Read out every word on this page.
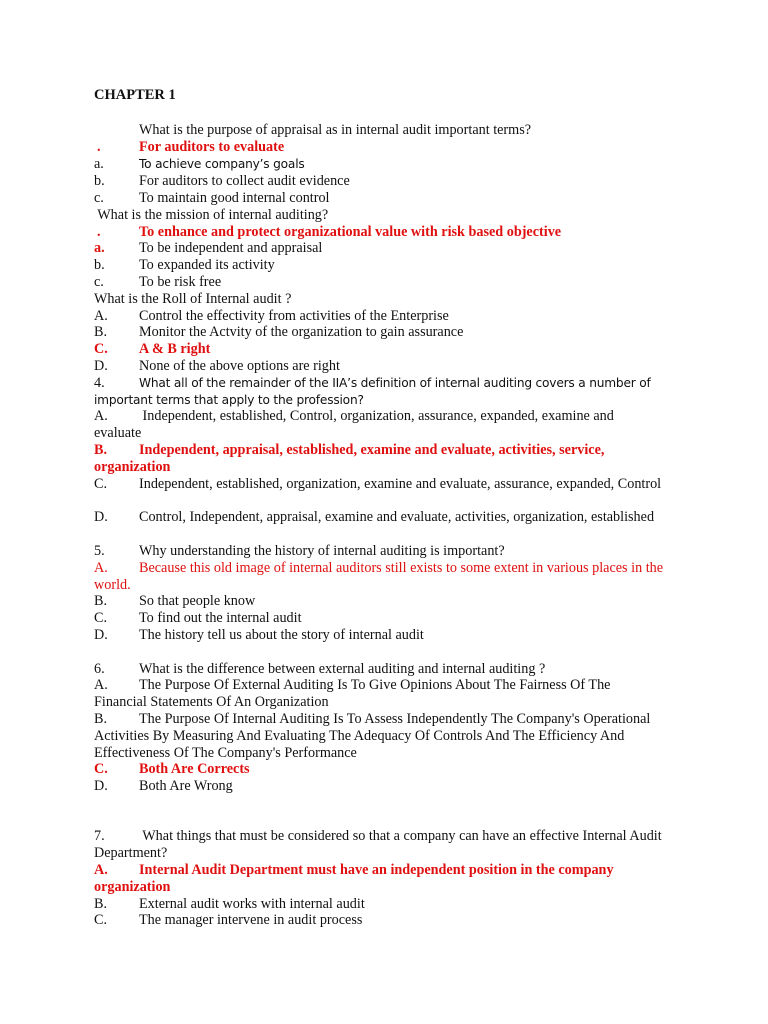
CHAPTER 1
What is the purpose of appraisal as in internal audit important terms?
.	For auditors to evaluate
a.	To achieve company’s goals
b. For auditors to collect audit evidence
c. To maintain good internal control
What is the mission of internal auditing?
.	To enhance and protect organizational value with risk based objective
a. To be independent and appraisal
b. To expanded its activity
c. To be risk free
What is the Roll of Internal audit ?
A. Control the effectivity from activities of the Enterprise
B. Monitor the Actvity of the organization to gain assurance
C. A & B right
D. None of the above options are right
4.	What all of the remainder of the IIA’s definition of internal auditing covers a number of important terms that apply to the profession?
A. Independent, established, Control, organization, assurance, expanded, examine and evaluate
B. Independent, appraisal, established, examine and evaluate, activities, service, organization
C. Independent, established, organization, examine and evaluate, assurance, expanded, Control
D. Control, Independent, appraisal, examine and evaluate, activities, organization, established
5. Why understanding the history of internal auditing is important?
A. Because this old image of internal auditors still exists to some extent in various places in the world.
B. So that people know
C. To find out the internal audit
D. The history tell us about the story of internal audit
6. What is the difference between external auditing and internal auditing ?
A. The Purpose Of External Auditing Is To Give Opinions About The Fairness Of The Financial Statements Of An Organization
B. The Purpose Of Internal Auditing Is To Assess Independently The Company's Operational Activities By Measuring And Evaluating The Adequacy Of Controls And The Efficiency And Effectiveness Of The Company's Performance
C. Both Are Corrects
D. Both Are Wrong
7. What things that must be considered so that a company can have an effective Internal Audit Department?
A. Internal Audit Department must have an independent position in the company organization
B. External audit works with internal audit
C. The manager intervene in audit process
